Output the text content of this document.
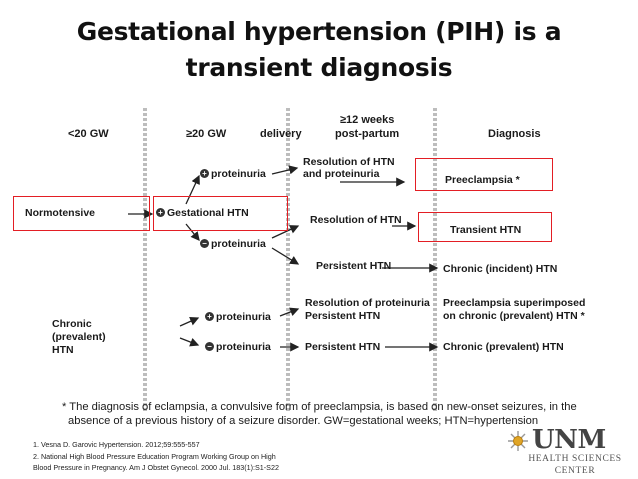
Gestational hypertension (PIH) is a
transient diagnosis
<20 GW	≥20 GW	delivery
≥12 weeks
post-partum	Diagnosis
Normotensive	+ Gestational HTN
+ proteinuria
− proteinuria
Resolution of HTN
and proteinuria
Resolution of HTN
Persistent HTN
Preeclampsia *
Transient HTN
Chronic (incident) HTN
Chronic
(prevalent)
HTN
+ proteinuria
− proteinuria
Resolution of proteinuria
Persistent HTN
Persistent HTN
Preeclampsia superimposed
on chronic (prevalent) HTN *
Chronic (prevalent) HTN
* The diagnosis of eclampsia, a convulsive form of preeclampsia, is based on new-onset seizures, in the
absence of a previous history of a seizure disorder. GW=gestational weeks; HTN=hypertension
1. Vesna D. Garovic Hypertension. 2012;59:555-557
2. National High Blood Pressure Education Program Working Group on High
Blood Pressure in Pregnancy. Am J Obstet Gynecol. 2000 Jul. 183(1):S1-S22
UNM
HEALTH SCIENCES
CENTER
